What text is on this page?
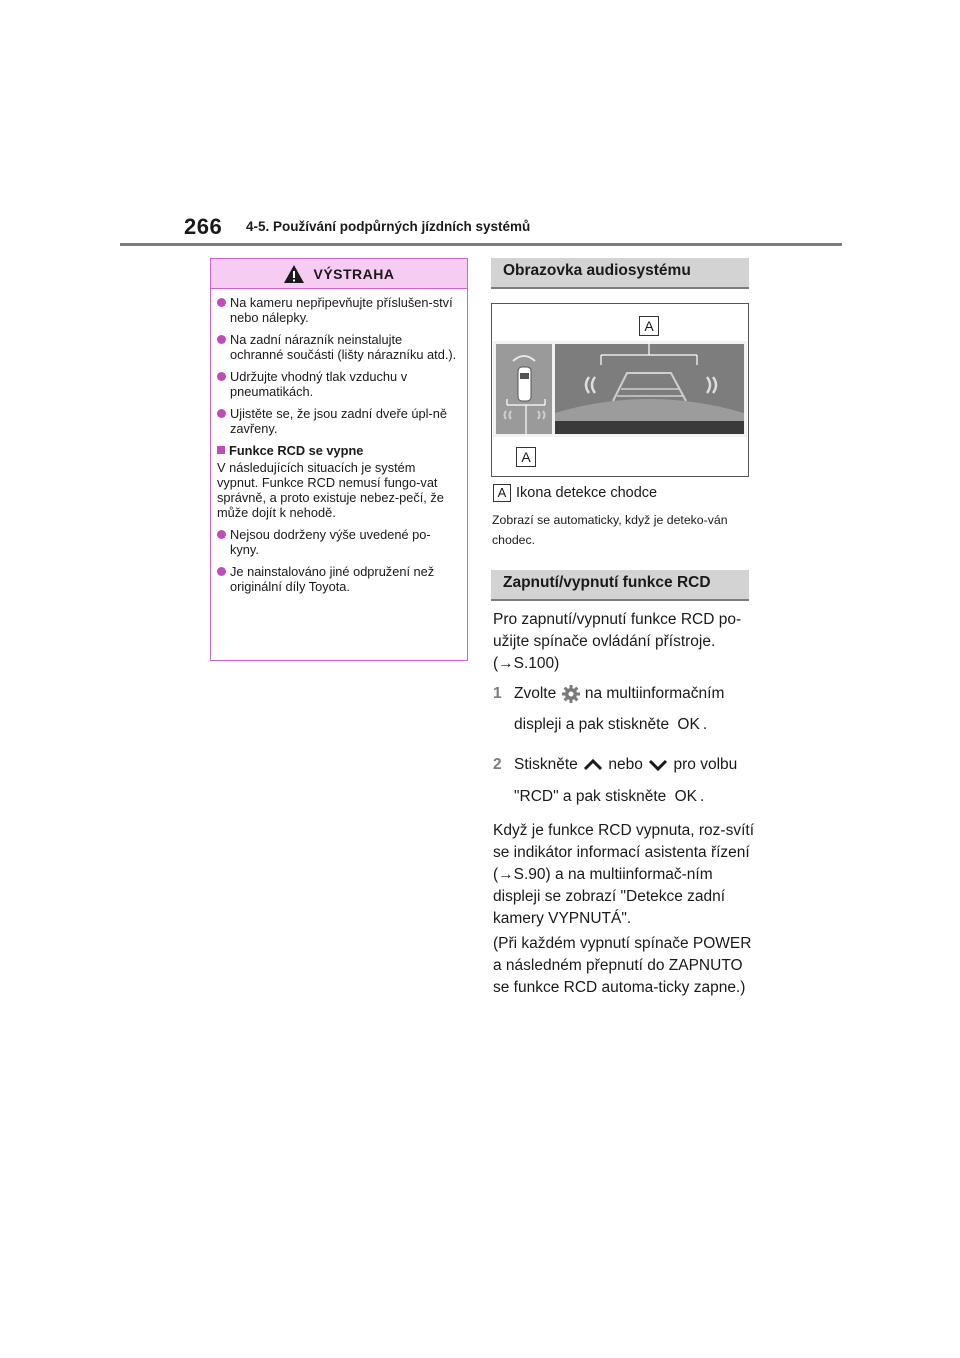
266 4-5. Používání podpůrných jízdních systémů
VÝSTRAHA
Na kameru nepřipevňujte příslušen-ství nebo nálepky.
Na zadní nárazník neinstalujte ochranné součásti (lišty nárazníku atd.).
Udržujte vhodný tlak vzduchu v pneumatikách.
Ujistěte se, že jsou zadní dveře úpl-ně zavřeny.
Funkce RCD se vypne
V následujících situacích je systém vypnut. Funkce RCD nemusí fungo-vat správně, a proto existuje nebez-pečí, že může dojít k nehodě.
Nejsou dodrženy výše uvedené po-kyny.
Je nainstalováno jiné odpružení než originální díly Toyota.
Obrazovka audiosystému
A
A
A Ikona detekce chodce
Zobrazí se automaticky, když je deteko-ván chodec.
Zapnutí/vypnutí funkce RCD
Pro zapnutí/vypnutí funkce RCD po-užijte spínače ovládání přístroje. (→S.100)
1 Zvolte na multiinformačním
displeji a pak stiskněte OK .
2 Stiskněte nebo pro volbu
"RCD" a pak stiskněte OK .
Když je funkce RCD vypnuta, roz-svítí se indikátor informací asistenta řízení (→S.90) a na multiinformač-ním displeji se zobrazí "Detekce zadní kamery VYPNUTÁ".
(Při každém vypnutí spínače POWER a následném přepnutí do ZAPNUTO se funkce RCD automa-ticky zapne.)
